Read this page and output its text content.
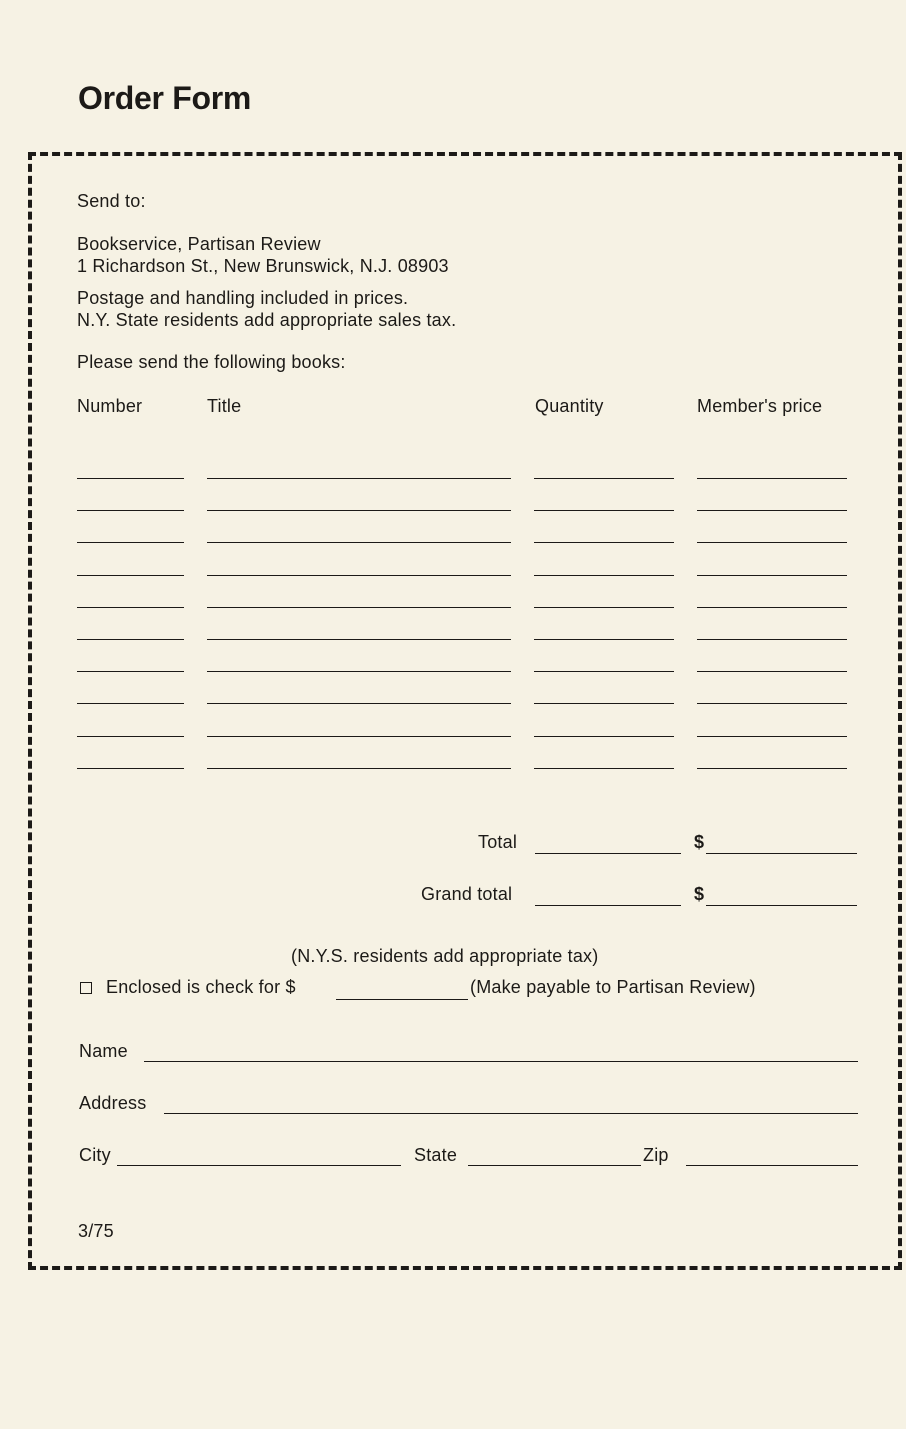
Order Form
Send to:
Bookservice, Partisan Review
1 Richardson St., New Brunswick, N.J. 08903
Postage and handling included in prices.
N.Y. State residents add appropriate sales tax.
Please send the following books:
Number	Title	Quantity	Member's price
Total	$
Grand total	$
(N.Y.S. residents add appropriate tax)
Enclosed is check for $	(Make payable to Partisan Review)
Name
Address
City	State	Zip
3/75
